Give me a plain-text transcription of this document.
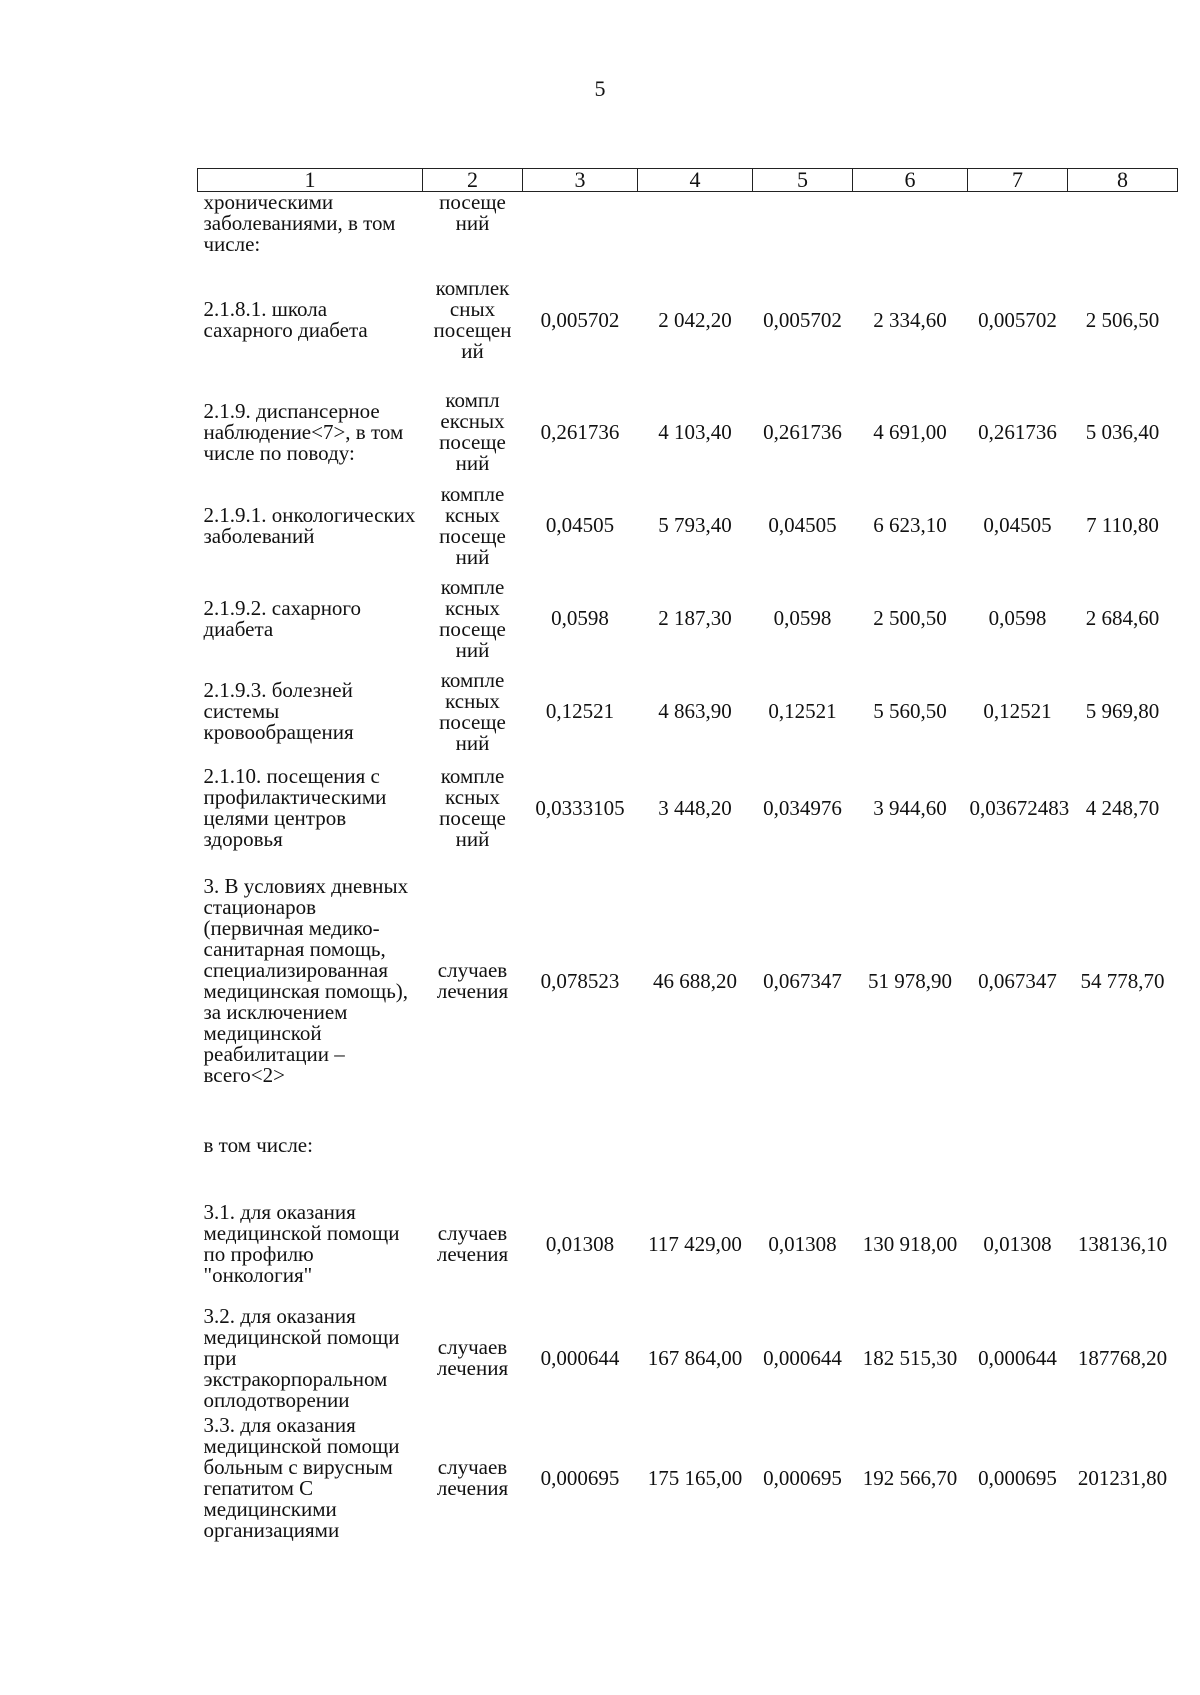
5
1	2	3	4	5	6	7	8
хроническими заболеваниями, в том числе:	посеще ний						
2.1.8.1. школа сахарного диабета	комплек сных посещен ий	0,005702	2 042,20	0,005702	2 334,60	0,005702	2 506,50
2.1.9. диспансерное наблюдение<7>, в том числе по поводу:	компл ексных посеще ний	0,261736	4 103,40	0,261736	4 691,00	0,261736	5 036,40
2.1.9.1. онкологических заболеваний	компле ксных посеще ний	0,04505	5 793,40	0,04505	6 623,10	0,04505	7 110,80
2.1.9.2. сахарного диабета	компле ксных посеще ний	0,0598	2 187,30	0,0598	2 500,50	0,0598	2 684,60
2.1.9.3. болезней системы кровообращения	компле ксных посеще ний	0,12521	4 863,90	0,12521	5 560,50	0,12521	5 969,80
2.1.10. посещения с профилактическими целями центров здоровья	компле ксных посеще ний	0,0333105	3 448,20	0,034976	3 944,60	0,03672483	4 248,70
3. В условиях дневных стационаров (первичная медико-санитарная помощь, специализированная медицинская помощь), за исключением медицинской реабилитации – всего<2>	случаев лечения	0,078523	46 688,20	0,067347	51 978,90	0,067347	54 778,70
в том числе:							
3.1. для оказания медицинской помощи по профилю "онкология"	случаев лечения	0,01308	117 429,00	0,01308	130 918,00	0,01308	138136,10
3.2. для оказания медицинской помощи при экстракорпоральном оплодотворении	случаев лечения	0,000644	167 864,00	0,000644	182 515,30	0,000644	187768,20
3.3. для оказания медицинской помощи больным с вирусным гепатитом С медицинскими организациями	случаев лечения	0,000695	175 165,00	0,000695	192 566,70	0,000695	201231,80
